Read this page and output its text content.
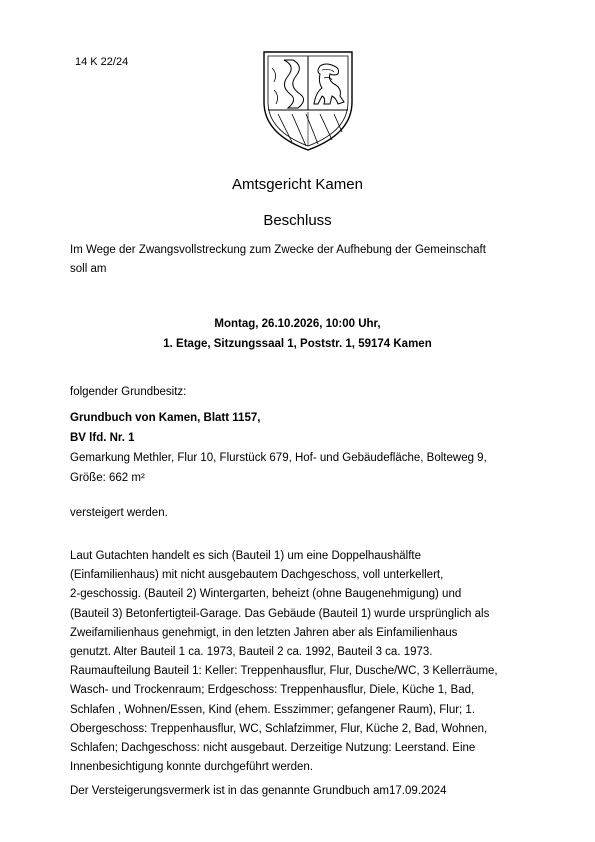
14 K 22/24
Amtsgericht Kamen
Beschluss
Im Wege der Zwangsvollstreckung zum Zwecke der Aufhebung der Gemeinschaft
soll am
Montag, 26.10.2026, 10:00 Uhr,
1. Etage, Sitzungssaal 1, Poststr. 1, 59174 Kamen
folgender Grundbesitz:
Grundbuch von Kamen, Blatt 1157,
BV lfd. Nr. 1
Gemarkung Methler, Flur 10, Flurstück 679, Hof- und Gebäudefläche, Bolteweg 9,
Größe: 662 m²
versteigert werden.
Laut Gutachten handelt es sich (Bauteil 1) um eine Doppelhaushälfte
(Einfamilienhaus) mit nicht ausgebautem Dachgeschoss, voll unterkellert,
2-geschossig. (Bauteil 2) Wintergarten, beheizt (ohne Baugenehmigung) und
(Bauteil 3) Betonfertigteil-Garage. Das Gebäude (Bauteil 1) wurde ursprünglich als
Zweifamilienhaus genehmigt, in den letzten Jahren aber als Einfamilienhaus
genutzt. Alter Bauteil 1 ca. 1973, Bauteil 2 ca. 1992, Bauteil 3 ca. 1973.
Raumaufteilung Bauteil 1: Keller: Treppenhausflur, Flur, Dusche/WC, 3 Kellerräume,
Wasch- und Trockenraum; Erdgeschoss: Treppenhausflur, Diele, Küche 1, Bad,
Schlafen , Wohnen/Essen, Kind (ehem. Esszimmer; gefangener Raum), Flur; 1.
Obergeschoss: Treppenhausflur, WC, Schlafzimmer, Flur, Küche 2, Bad, Wohnen,
Schlafen; Dachgeschoss: nicht ausgebaut. Derzeitige Nutzung: Leerstand. Eine
Innenbesichtigung konnte durchgeführt werden.
Der Versteigerungsvermerk ist in das genannte Grundbuch am17.09.2024
